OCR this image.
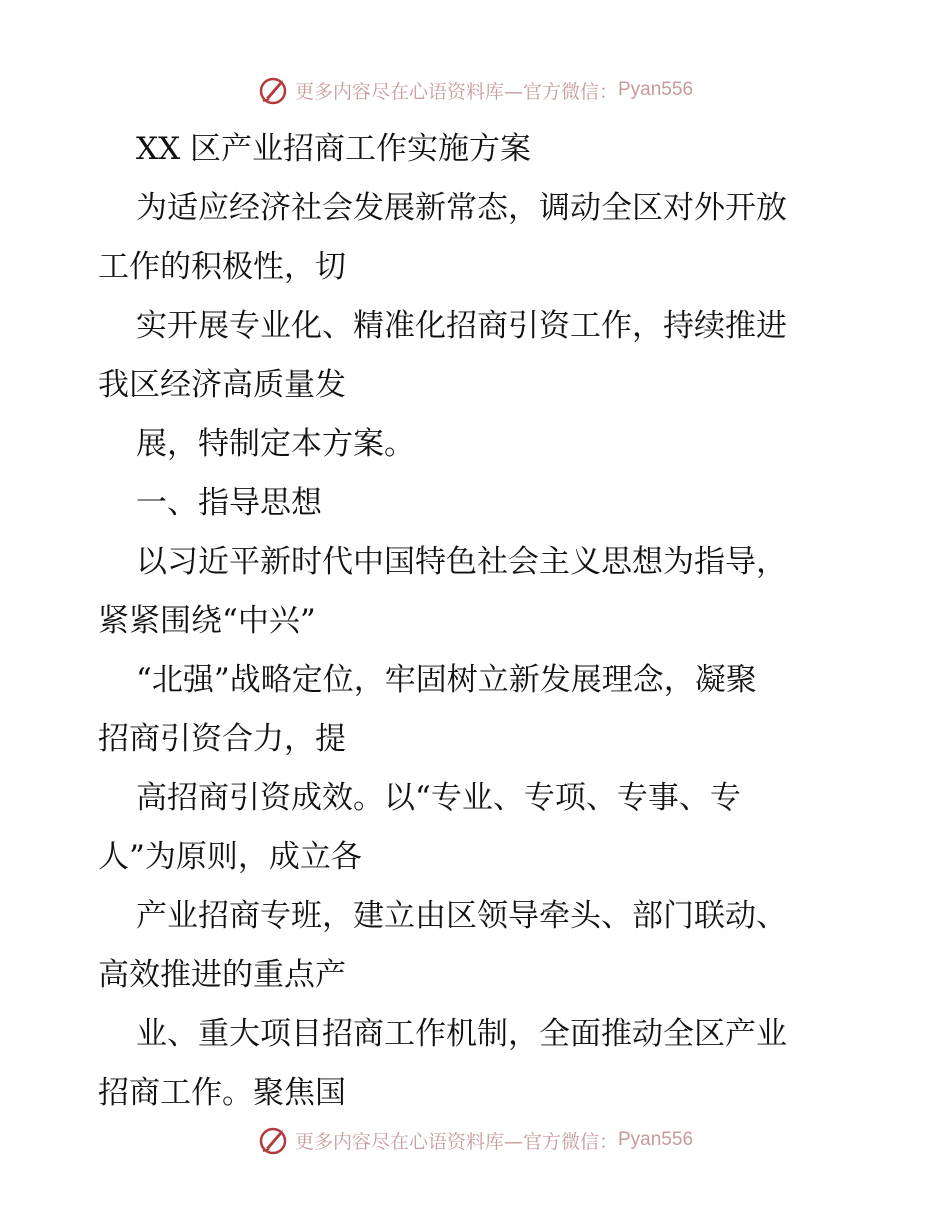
更多内容尽在心语资料库—官方微信： Pyan556
XX 区产业招商工作实施方案
为适应经济社会发展新常态，调动全区对外开放
工作的积极性，切
实开展专业化、精准化招商引资工作，持续推进
我区经济高质量发
展，特制定本方案。
一、指导思想
以习近平新时代中国特色社会主义思想为指导，
紧紧围绕“中兴”
“北强”战略定位，牢固树立新发展理念，凝聚
招商引资合力，提
高招商引资成效。以“专业、专项、专事、专
人”为原则，成立各
产业招商专班，建立由区领导牵头、部门联动、
高效推进的重点产
业、重大项目招商工作机制，全面推动全区产业
招商工作。聚焦国
更多内容尽在心语资料库—官方微信： Pyan556
